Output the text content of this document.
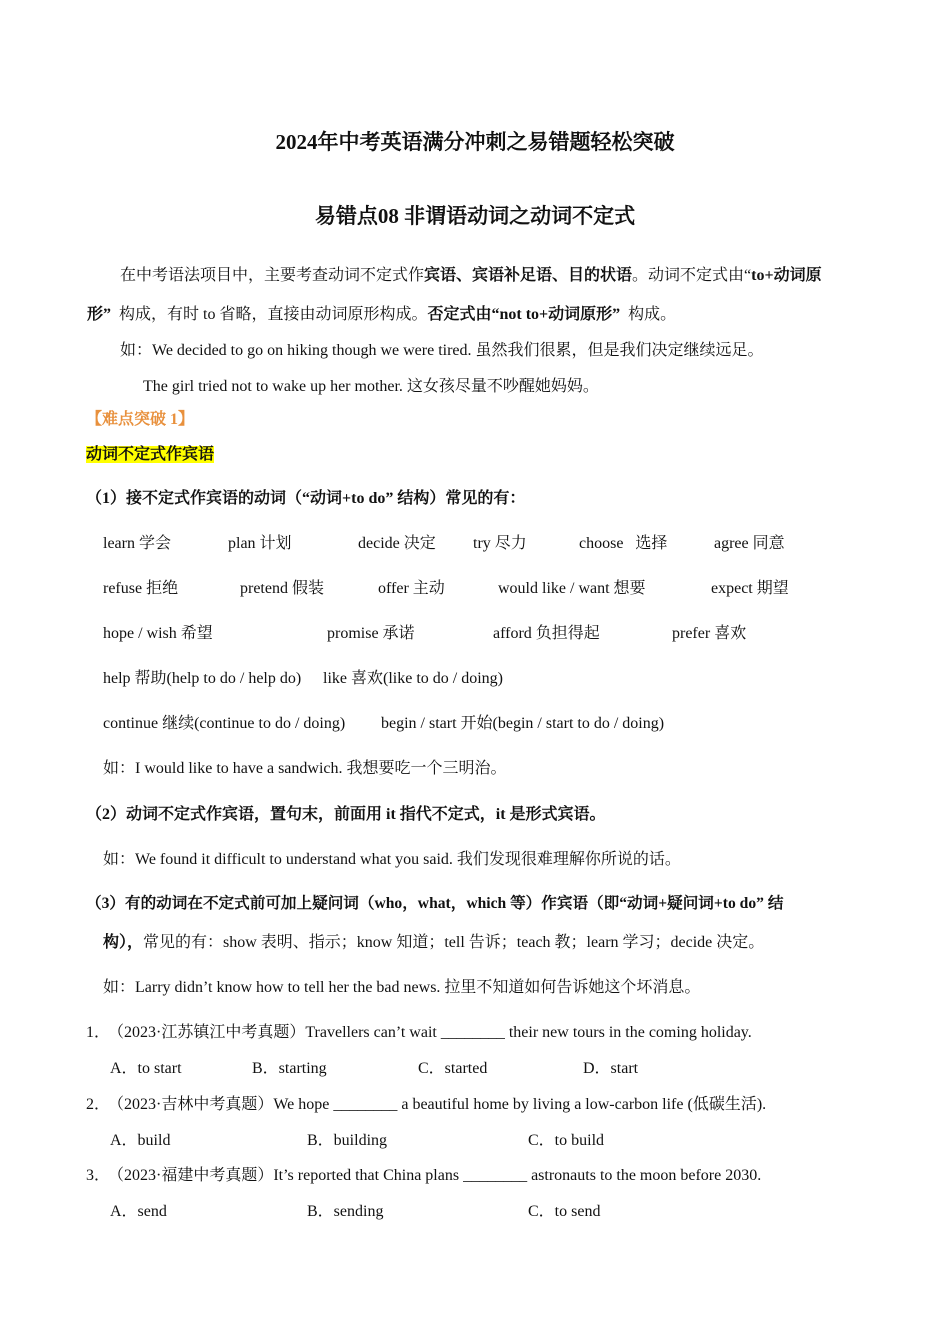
2024年中考英语满分冲刺之易错题轻松突破
易错点08 非谓语动词之动词不定式
在中考语法项目中，主要考查动词不定式作宾语、宾语补足语、目的状语。动词不定式由“to+动词原
形”  构成，有时 to 省略，直接由动词原形构成。否定式由“not to+动词原形”  构成。
如：We decided to go on hiking though we were tired. 虽然我们很累，但是我们决定继续远足。
The girl tried not to wake up her mother. 这女孩尽量不吵醒她妈妈。
【难点突破 1】
动词不定式作宾语
（1）接不定式作宾语的动词（“动词+to do” 结构）常见的有：
learn 学会	plan 计划	decide 决定 try 尽力	choose   选择	agree 同意
refuse 拒绝	pretend 假装	offer 主动	would like / want 想要	expect 期望
hope / wish 希望	promise 承诺	afford 负担得起	prefer 喜欢
help 帮助(help to do / help do) like 喜欢(like to do / doing)
continue 继续(continue to do / doing) begin / start 开始(begin / start to do / doing)
如：I would like to have a sandwich. 我想要吃一个三明治。
（2）动词不定式作宾语，置句末，前面用 it 指代不定式，it 是形式宾语。
如：We found it difficult to understand what you said. 我们发现很难理解你所说的话。
（3）有的动词在不定式前可加上疑问词（who，what，which 等）作宾语（即“动词+疑问词+to do” 结
构），常见的有：show 表明、指示；know 知道；tell 告诉；teach 教；learn 学习；decide 决定。
如：Larry didn’t know how to tell her the bad news. 拉里不知道如何告诉她这个坏消息。
1．
（2023·江苏镇江中考真题）Travellers can’t wait ________ their new tours in the coming holiday.
A．to start	B．starting	C．started	D．start
2．
（2023·吉林中考真题）We hope ________ a beautiful home by living a low-carbon life (低碳生活).
A．build	B．building	C．to build
3．
（2023·福建中考真题）It’s reported that China plans ________ astronauts to the moon before 2030.
A．send	B．sending	C．to send
